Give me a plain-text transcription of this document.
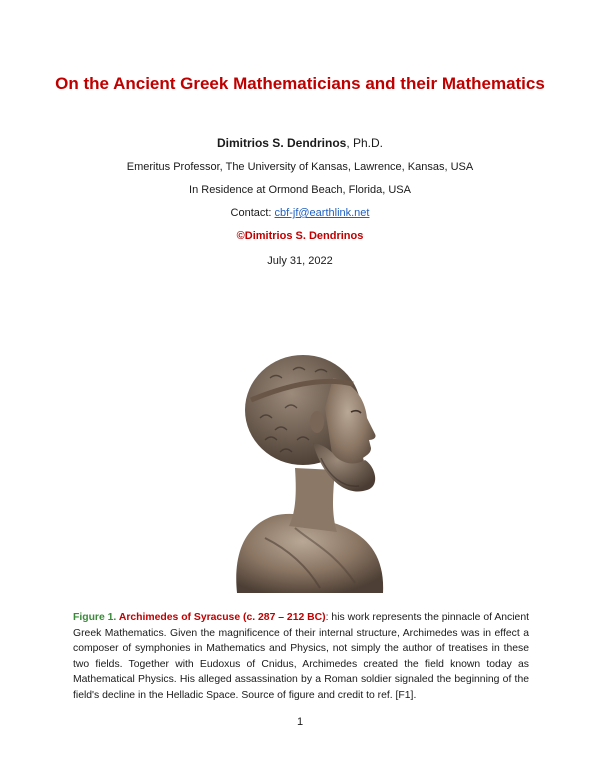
On the Ancient Greek Mathematicians and their Mathematics
Dimitrios S. Dendrinos, Ph.D.
Emeritus Professor, The University of Kansas, Lawrence, Kansas, USA
In Residence at Ormond Beach, Florida, USA
Contact: cbf-jf@earthlink.net
©Dimitrios S. Dendrinos
July 31, 2022
Figure 1. Archimedes of Syracuse (c. 287 – 212 BC): his work represents the pinnacle of Ancient Greek Mathematics. Given the magnificence of their internal structure, Archimedes was in effect a composer of symphonies in Mathematics and Physics, not simply the author of treatises in these two fields. Together with Eudoxus of Cnidus, Archimedes created the field known today as Mathematical Physics. His alleged assassination by a Roman soldier signaled the beginning of the field's decline in the Helladic Space. Source of figure and credit to ref. [F1].
1
